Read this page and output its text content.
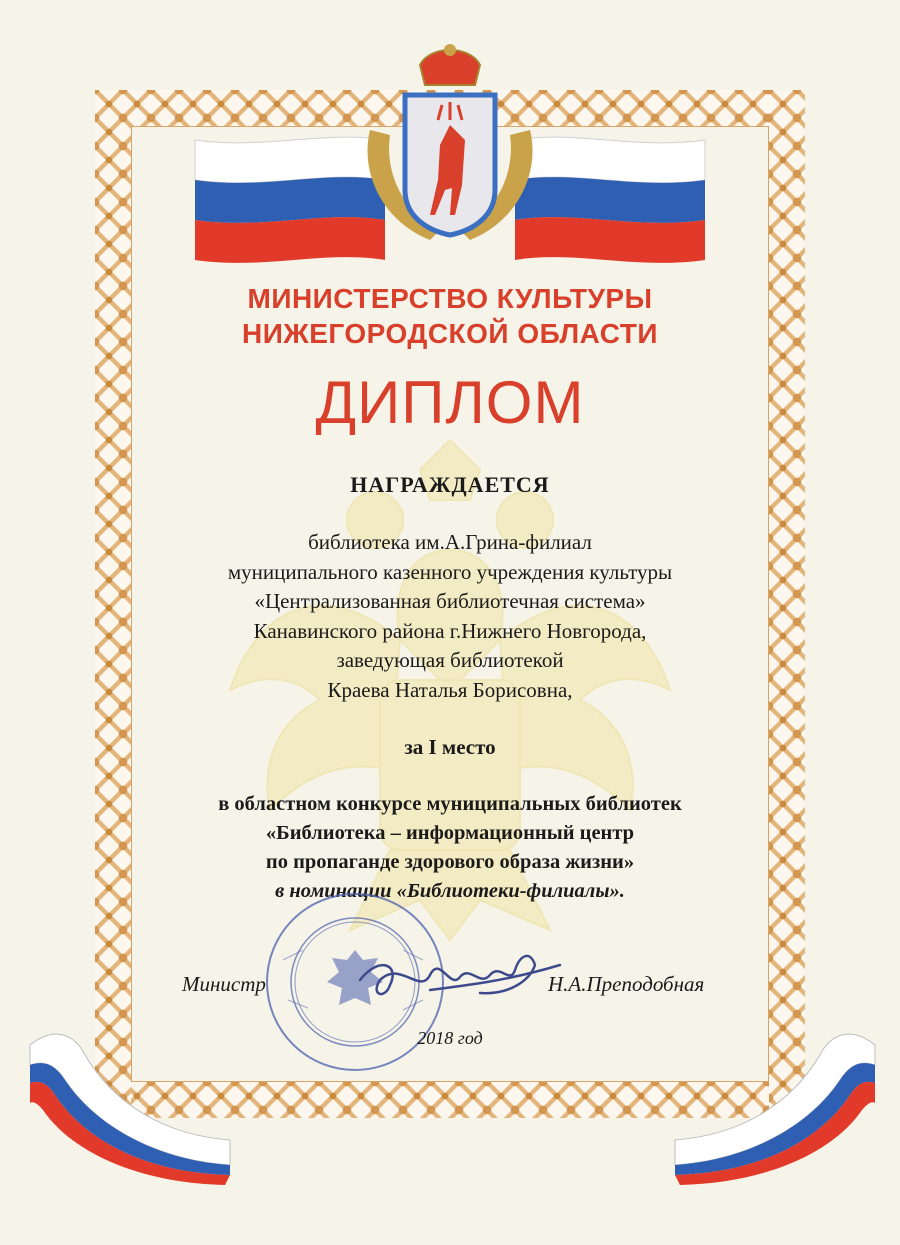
МИНИСТЕРСТВО КУЛЬТУРЫ
НИЖЕГОРОДСКОЙ ОБЛАСТИ
ДИПЛОМ
НАГРАЖДАЕТСЯ
библиотека им.А.Грина-филиал
муниципального казенного учреждения культуры
«Централизованная библиотечная система»
Канавинского района г.Нижнего Новгорода,
заведующая библиотекой
Краева Наталья Борисовна,
за I место
в областном конкурсе муниципальных библиотек
«Библиотека – информационный центр
по пропаганде здорового образа жизни»
в номинации «Библиотеки-филиалы».
Министр	Н.А.Преподобная
2018 год
